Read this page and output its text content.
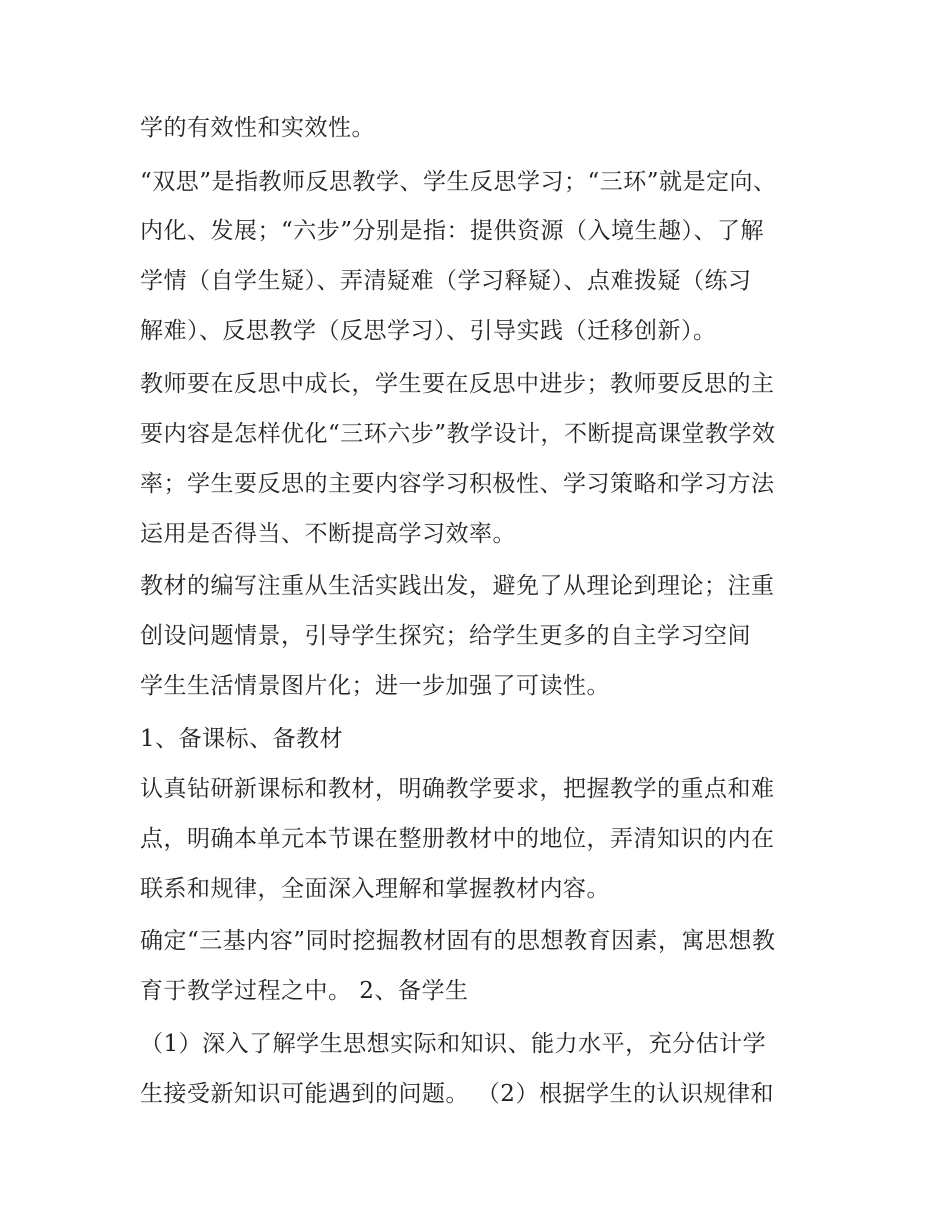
学的有效性和实效性。
“双思”是指教师反思教学、学生反思学习；“三环”就是定向、
内化、发展；“六步”分别是指：提供资源（入境生趣）、了解
学情（自学生疑）、弄清疑难（学习释疑）、点难拨疑（练习
解难）、反思教学（反思学习）、引导实践（迁移创新）。
教师要在反思中成长，学生要在反思中进步；教师要反思的主
要内容是怎样优化“三环六步”教学设计，不断提高课堂教学效
率；学生要反思的主要内容学习积极性、学习策略和学习方法
运用是否得当、不断提高学习效率。
教材的编写注重从生活实践出发，避免了从理论到理论；注重
创设问题情景，引导学生探究；给学生更多的自主学习空间
学生生活情景图片化；进一步加强了可读性。
1、备课标、备教材
认真钻研新课标和教材，明确教学要求，把握教学的重点和难
点，明确本单元本节课在整册教材中的地位，弄清知识的内在
联系和规律，全面深入理解和掌握教材内容。
确定“三基内容”同时挖掘教材固有的思想教育因素，寓思想教
育于教学过程之中。 2、备学生
（1）深入了解学生思想实际和知识、能力水平，充分估计学
生接受新知识可能遇到的问题。 （2）根据学生的认识规律和
